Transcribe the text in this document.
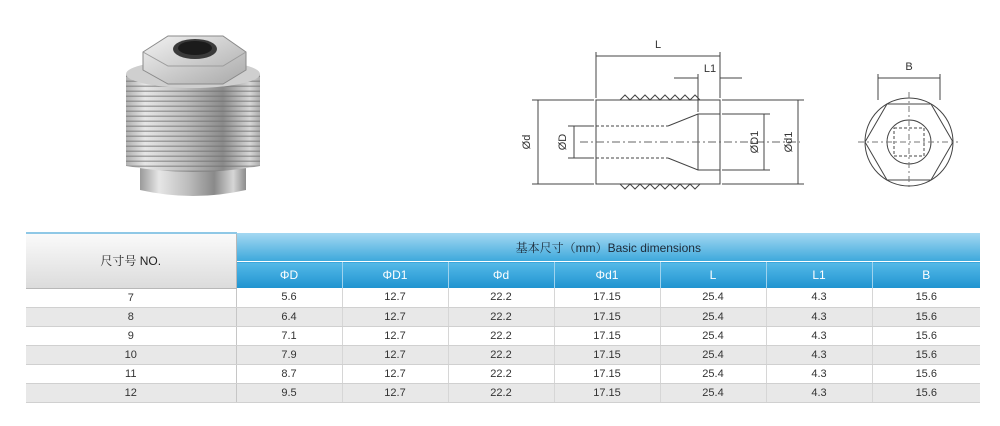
L
L1
Ød ØD	ØD1 Ød1
B
尺寸号 NO.	基本尺寸（mm）Basic dimensions						
	ΦD	ΦD1	Φd	Φd1	L	L1	B
7	5.6	12.7	22.2	17.15	25.4	4.3	15.6
8	6.4	12.7	22.2	17.15	25.4	4.3	15.6
9	7.1	12.7	22.2	17.15	25.4	4.3	15.6
10	7.9	12.7	22.2	17.15	25.4	4.3	15.6
11	8.7	12.7	22.2	17.15	25.4	4.3	15.6
12	9.5	12.7	22.2	17.15	25.4	4.3	15.6
